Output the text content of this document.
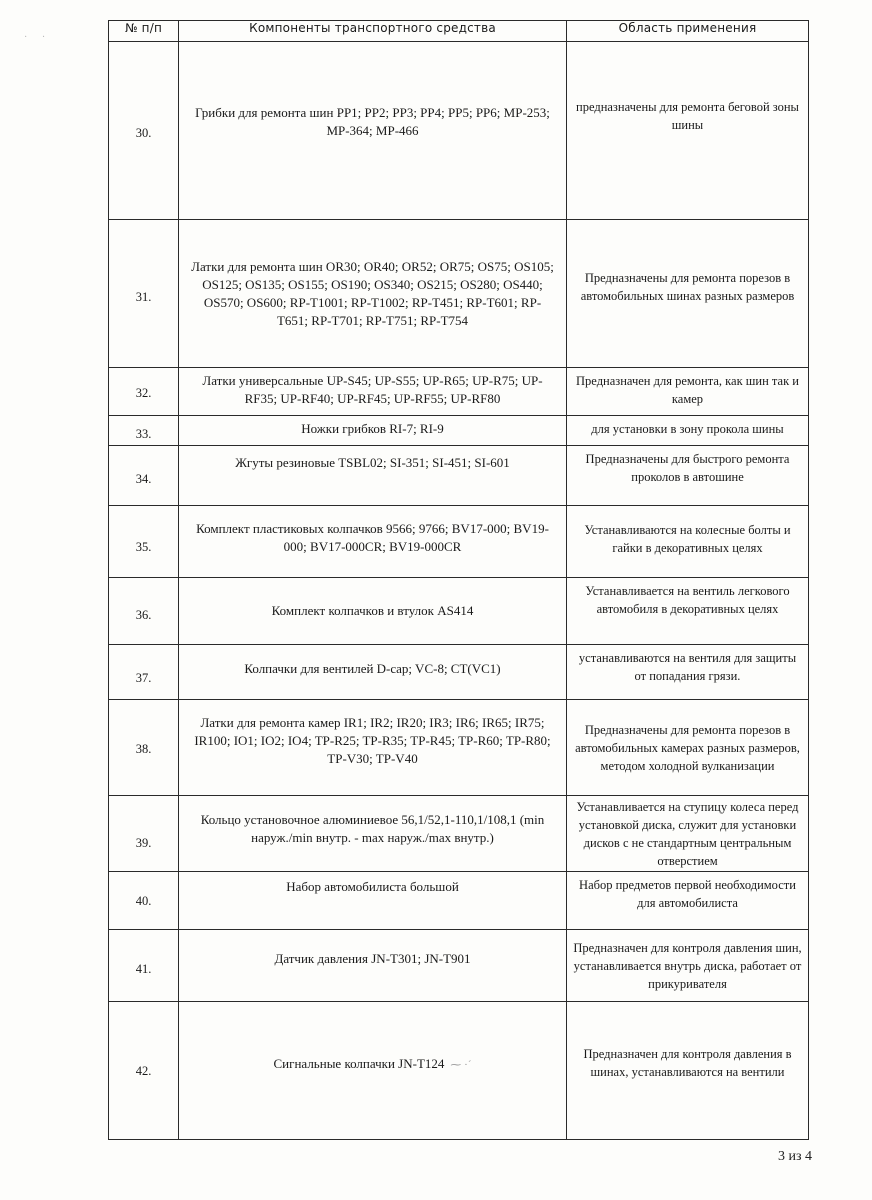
· ·
№ п/п	Компоненты транспортного средства	Область применения

30.	Грибки для ремонта шин PP1; PP2; PP3; PP4; PP5; PP6; MP-253; MP-364; MP-466	предназначены для ремонта беговой зоны шины

31.	Латки для ремонта шин OR30; OR40; OR52; OR75; OS75; OS105; OS125; OS135; OS155; OS190; OS340; OS215; OS280; OS440; OS570; OS600; RP-T1001; RP-T1002; RP-T451; RP-T601; RP-T651; RP-T701; RP-T751; RP-T754	Предназначены для ремонта порезов в автомобильных шинах разных размеров

32.	Латки универсальные UP-S45; UP-S55; UP-R65; UP-R75; UP-RF35; UP-RF40; UP-RF45; UP-RF55; UP-RF80	Предназначен для ремонта, как шин так и камер

33.	Ножки грибков RI-7; RI-9	для установки в зону прокола шины

34.	Жгуты резиновые TSBL02; SI-351; SI-451; SI-601	Предназначены для быстрого ремонта проколов в автошине

35.	Комплект пластиковых колпачков 9566; 9766; BV17-000; BV19-000; BV17-000CR; BV19-000CR	Устанавливаются на колесные болты и гайки в декоративных целях

36.	Комплект колпачков и втулок AS414	Устанавливается на вентиль легкового автомобиля в декоративных целях

37.	Колпачки для вентилей D-cap; VC-8; CT(VC1)	устанавливаются на вентиля для защиты от попадания грязи.

38.	Латки для ремонта камер IR1; IR2; IR20; IR3; IR6; IR65; IR75; IR100; IO1; IO2; IO4; TP-R25; TP-R35; TP-R45; TP-R60; TP-R80; TP-V30; TP-V40	Предназначены для ремонта порезов в автомобильных камерах разных размеров, методом холодной вулканизации

39.	Кольцо установочное алюминиевое 56,1/52,1-110,1/108,1 (min наруж./min внутр. - max наруж./max внутр.)	Устанавливается на ступицу колеса перед установкой диска, служит для установки дисков с не стандартным центральным отверстием

40.	Набор автомобилиста большой	Набор предметов первой необходимости для автомобилиста

41.	Датчик давления JN-T301; JN-T901	Предназначен для контроля давления шин, устанавливается внутрь диска, работает от прикуривателя

42.	Сигнальные колпачки JN-T124 ⁓ ·´	Предназначен для контроля давления в шинах, устанавливаются на вентили
3 из 4
